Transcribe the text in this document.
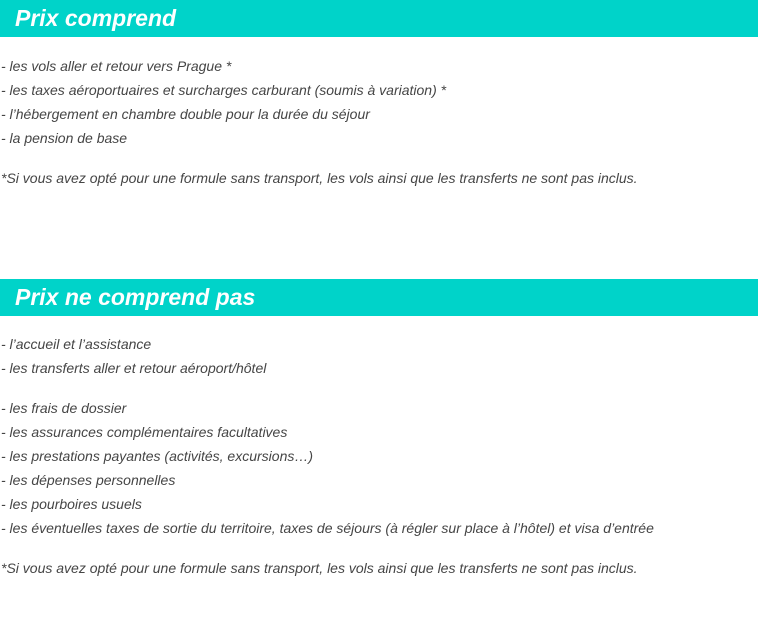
Prix comprend
- les vols aller et retour vers Prague *
- les taxes aéroportuaires et surcharges carburant (soumis à variation) *
- l’hébergement en chambre double pour la durée du séjour
- la pension de base
*Si vous avez opté pour une formule sans transport, les vols ainsi que les transferts ne sont pas inclus.
Prix ne comprend pas
- l’accueil et l’assistance
- les transferts aller et retour aéroport/hôtel
- les frais de dossier
- les assurances complémentaires facultatives
- les prestations payantes (activités, excursions…)
- les dépenses personnelles
- les pourboires usuels
- les éventuelles taxes de sortie du territoire, taxes de séjours (à régler sur place à l’hôtel) et visa d’entrée
*Si vous avez opté pour une formule sans transport, les vols ainsi que les transferts ne sont pas inclus.
